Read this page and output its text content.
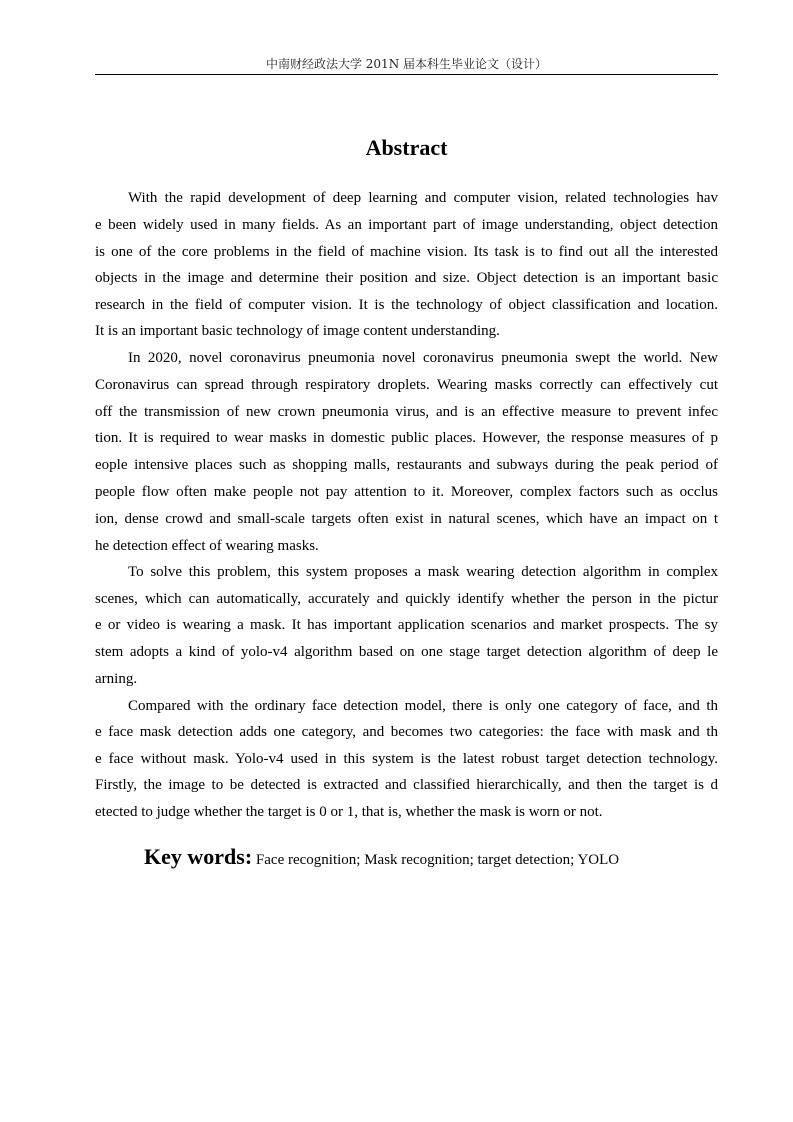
中南财经政法大学 201N 届本科生毕业论文（设计）
Abstract
With the rapid development of deep learning and computer vision, related technologies hav
e been widely used in many fields. As an important part of image understanding, object detection
is one of the core problems in the field of machine vision. Its task is to find out all the interested
objects in the image and determine their position and size. Object detection is an important basic
research in the field of computer vision. It is the technology of object classification and location.
It is an important basic technology of image content understanding.
In 2020, novel coronavirus pneumonia novel coronavirus pneumonia swept the world. New
Coronavirus can spread through respiratory droplets. Wearing masks correctly can effectively cut
off the transmission of new crown pneumonia virus, and is an effective measure to prevent infec
tion. It is required to wear masks in domestic public places. However, the response measures of p
eople intensive places such as shopping malls, restaurants and subways during the peak period of
people flow often make people not pay attention to it. Moreover, complex factors such as occlus
ion, dense crowd and small-scale targets often exist in natural scenes, which have an impact on t
he detection effect of wearing masks.
To solve this problem, this system proposes a mask wearing detection algorithm in complex
scenes, which can automatically, accurately and quickly identify whether the person in the pictur
e or video is wearing a mask. It has important application scenarios and market prospects. The sy
stem adopts a kind of yolo-v4 algorithm based on one stage target detection algorithm of deep le
arning.
Compared with the ordinary face detection model, there is only one category of face, and th
e face mask detection adds one category, and becomes two categories: the face with mask and th
e face without mask. Yolo-v4 used in this system is the latest robust target detection technology.
Firstly, the image to be detected is extracted and classified hierarchically, and then the target is d
etected to judge whether the target is 0 or 1, that is, whether the mask is worn or not.
Key words: Face recognition; Mask recognition; target detection; YOLO
